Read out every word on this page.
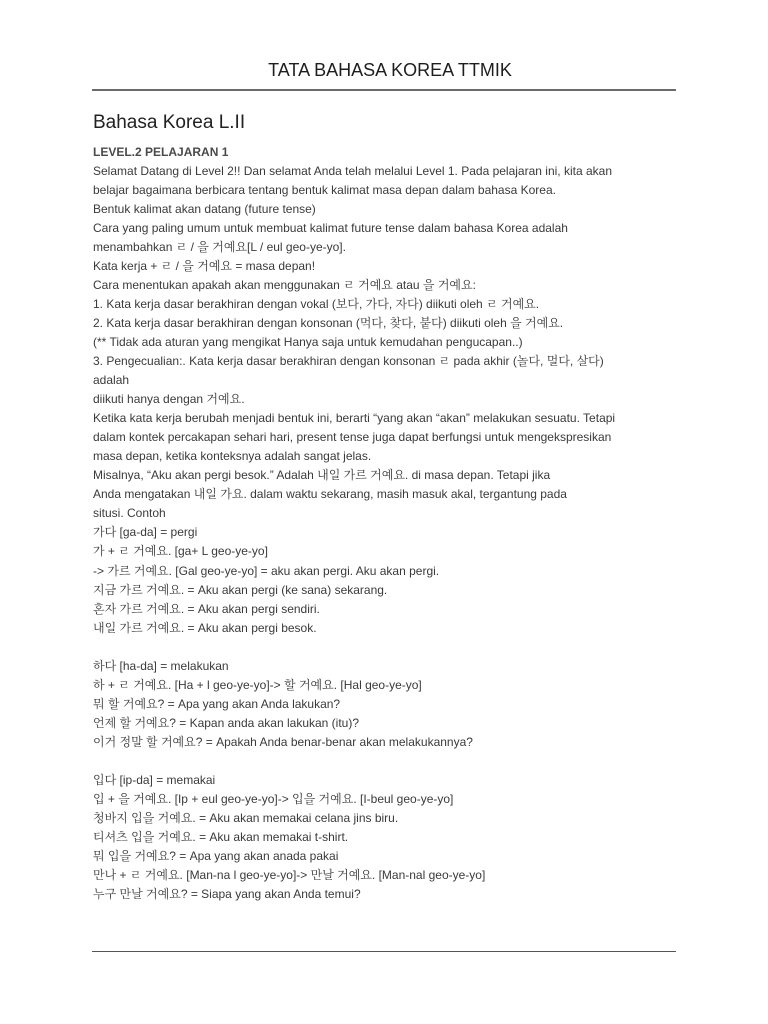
TATA BAHASA KOREA TTMIK
Bahasa Korea L.II
LEVEL.2 PELAJARAN 1
Selamat Datang di Level 2!! Dan selamat Anda telah melalui Level 1. Pada pelajaran ini, kita akan
belajar bagaimana berbicara tentang bentuk kalimat masa depan dalam bahasa Korea.
Bentuk kalimat akan datang (future tense)
Cara yang paling umum untuk membuat kalimat future tense dalam bahasa Korea adalah
menambahkan ㄹ / 을 거예요[L / eul geo-ye-yo].
Kata kerja + ㄹ / 을 거예요 = masa depan!
Cara menentukan apakah akan menggunakan ㄹ 거예요 atau 을 거예요:
1. Kata kerja dasar berakhiran dengan vokal (보다, 가다, 자다) diikuti oleh ㄹ 거예요.
2. Kata kerja dasar berakhiran dengan konsonan (먹다, 찾다, 붙다) diikuti oleh 을 거예요.
(** Tidak ada aturan yang mengikat Hanya saja untuk kemudahan pengucapan..)
3. Pengecualian:. Kata kerja dasar berakhiran dengan konsonan ㄹ pada akhir (놀다, 멀다, 살다)
adalah
diikuti hanya dengan 거예요.
Ketika kata kerja berubah menjadi bentuk ini, berarti “yang akan “akan” melakukan sesuatu. Tetapi
dalam kontek percakapan sehari hari, present tense juga dapat berfungsi untuk mengekspresikan
masa depan, ketika konteksnya adalah sangat jelas.
Misalnya, “Aku akan pergi besok.” Adalah 내일 가르 거예요. di masa depan. Tetapi jika
Anda mengatakan 내일 가요. dalam waktu sekarang, masih masuk akal, tergantung pada
situsi. Contoh
가다 [ga-da] = pergi
가 + ㄹ 거예요. [ga+ L geo-ye-yo]
-> 가르 거예요. [Gal geo-ye-yo] = aku akan pergi. Aku akan pergi.
지금 가르 거예요. = Aku akan pergi (ke sana) sekarang.
혼자 가르 거예요. = Aku akan pergi sendiri.
내일 가르 거예요. = Aku akan pergi besok.
하다 [ha-da] = melakukan
하 + ㄹ 거예요. [Ha + l geo-ye-yo]-> 할 거예요. [Hal geo-ye-yo]
뭐 할 거예요? = Apa yang akan Anda lakukan?
언제 할 거예요? = Kapan anda akan lakukan (itu)?
이거 정말 할 거예요? = Apakah Anda benar-benar akan melakukannya?
입다 [ip-da] = memakai
입 + 을 거예요. [Ip + eul geo-ye-yo]-> 입을 거예요. [I-beul geo-ye-yo]
청바지 입을 거예요. = Aku akan memakai celana jins biru.
티셔츠 입을 거예요. = Aku akan memakai t-shirt.
뭐 입을 거예요? = Apa yang akan anada pakai
만나 + ㄹ 거예요. [Man-na l geo-ye-yo]-> 만날 거예요. [Man-nal geo-ye-yo]
누구 만날 거예요? = Siapa yang akan Anda temui?
